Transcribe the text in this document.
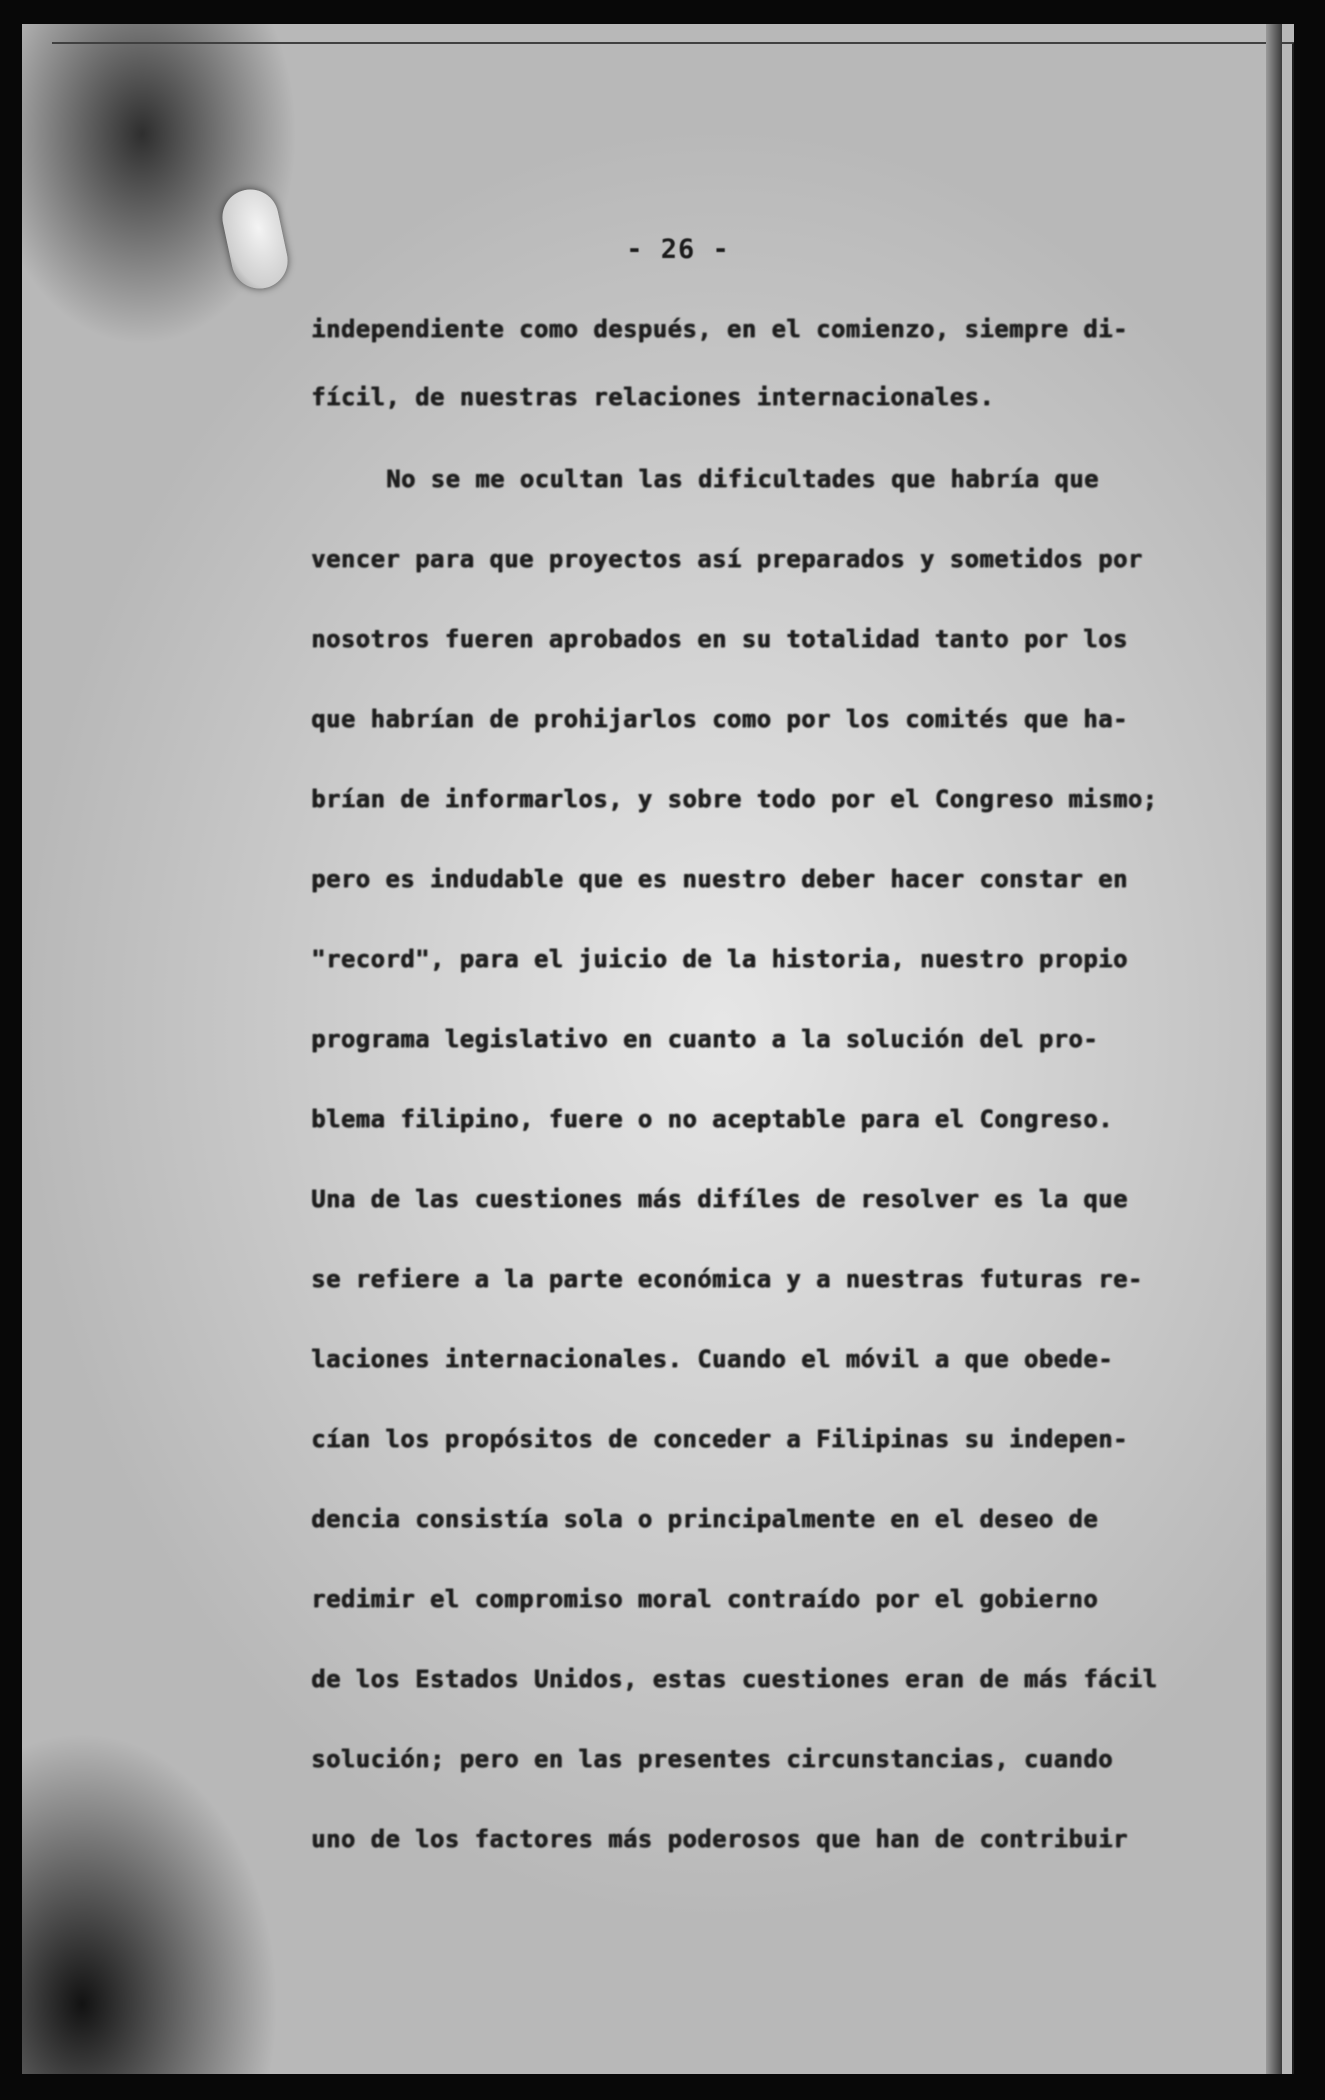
- 26 -
independiente como después, en el comienzo, siempre di-
fícil, de nuestras relaciones internacionales.
No se me ocultan las dificultades que habría que
vencer para que proyectos así preparados y sometidos por
nosotros fueren aprobados en su totalidad tanto por los
que habrían de prohijarlos como por los comités que ha-
brían de informarlos, y sobre todo por el Congreso mismo;
pero es indudable que es nuestro deber hacer constar en
"record", para el juicio de la historia, nuestro propio
programa legislativo en cuanto a la solución del pro-
blema filipino, fuere o no aceptable para el Congreso.
Una de las cuestiones más difíles de resolver es la que
se refiere a la parte económica y a nuestras futuras re-
laciones internacionales. Cuando el móvil a que obede-
cían los propósitos de conceder a Filipinas su indepen-
dencia consistía sola o principalmente en el deseo de
redimir el compromiso moral contraído por el gobierno
de los Estados Unidos, estas cuestiones eran de más fácil
solución; pero en las presentes circunstancias, cuando
uno de los factores más poderosos que han de contribuir
